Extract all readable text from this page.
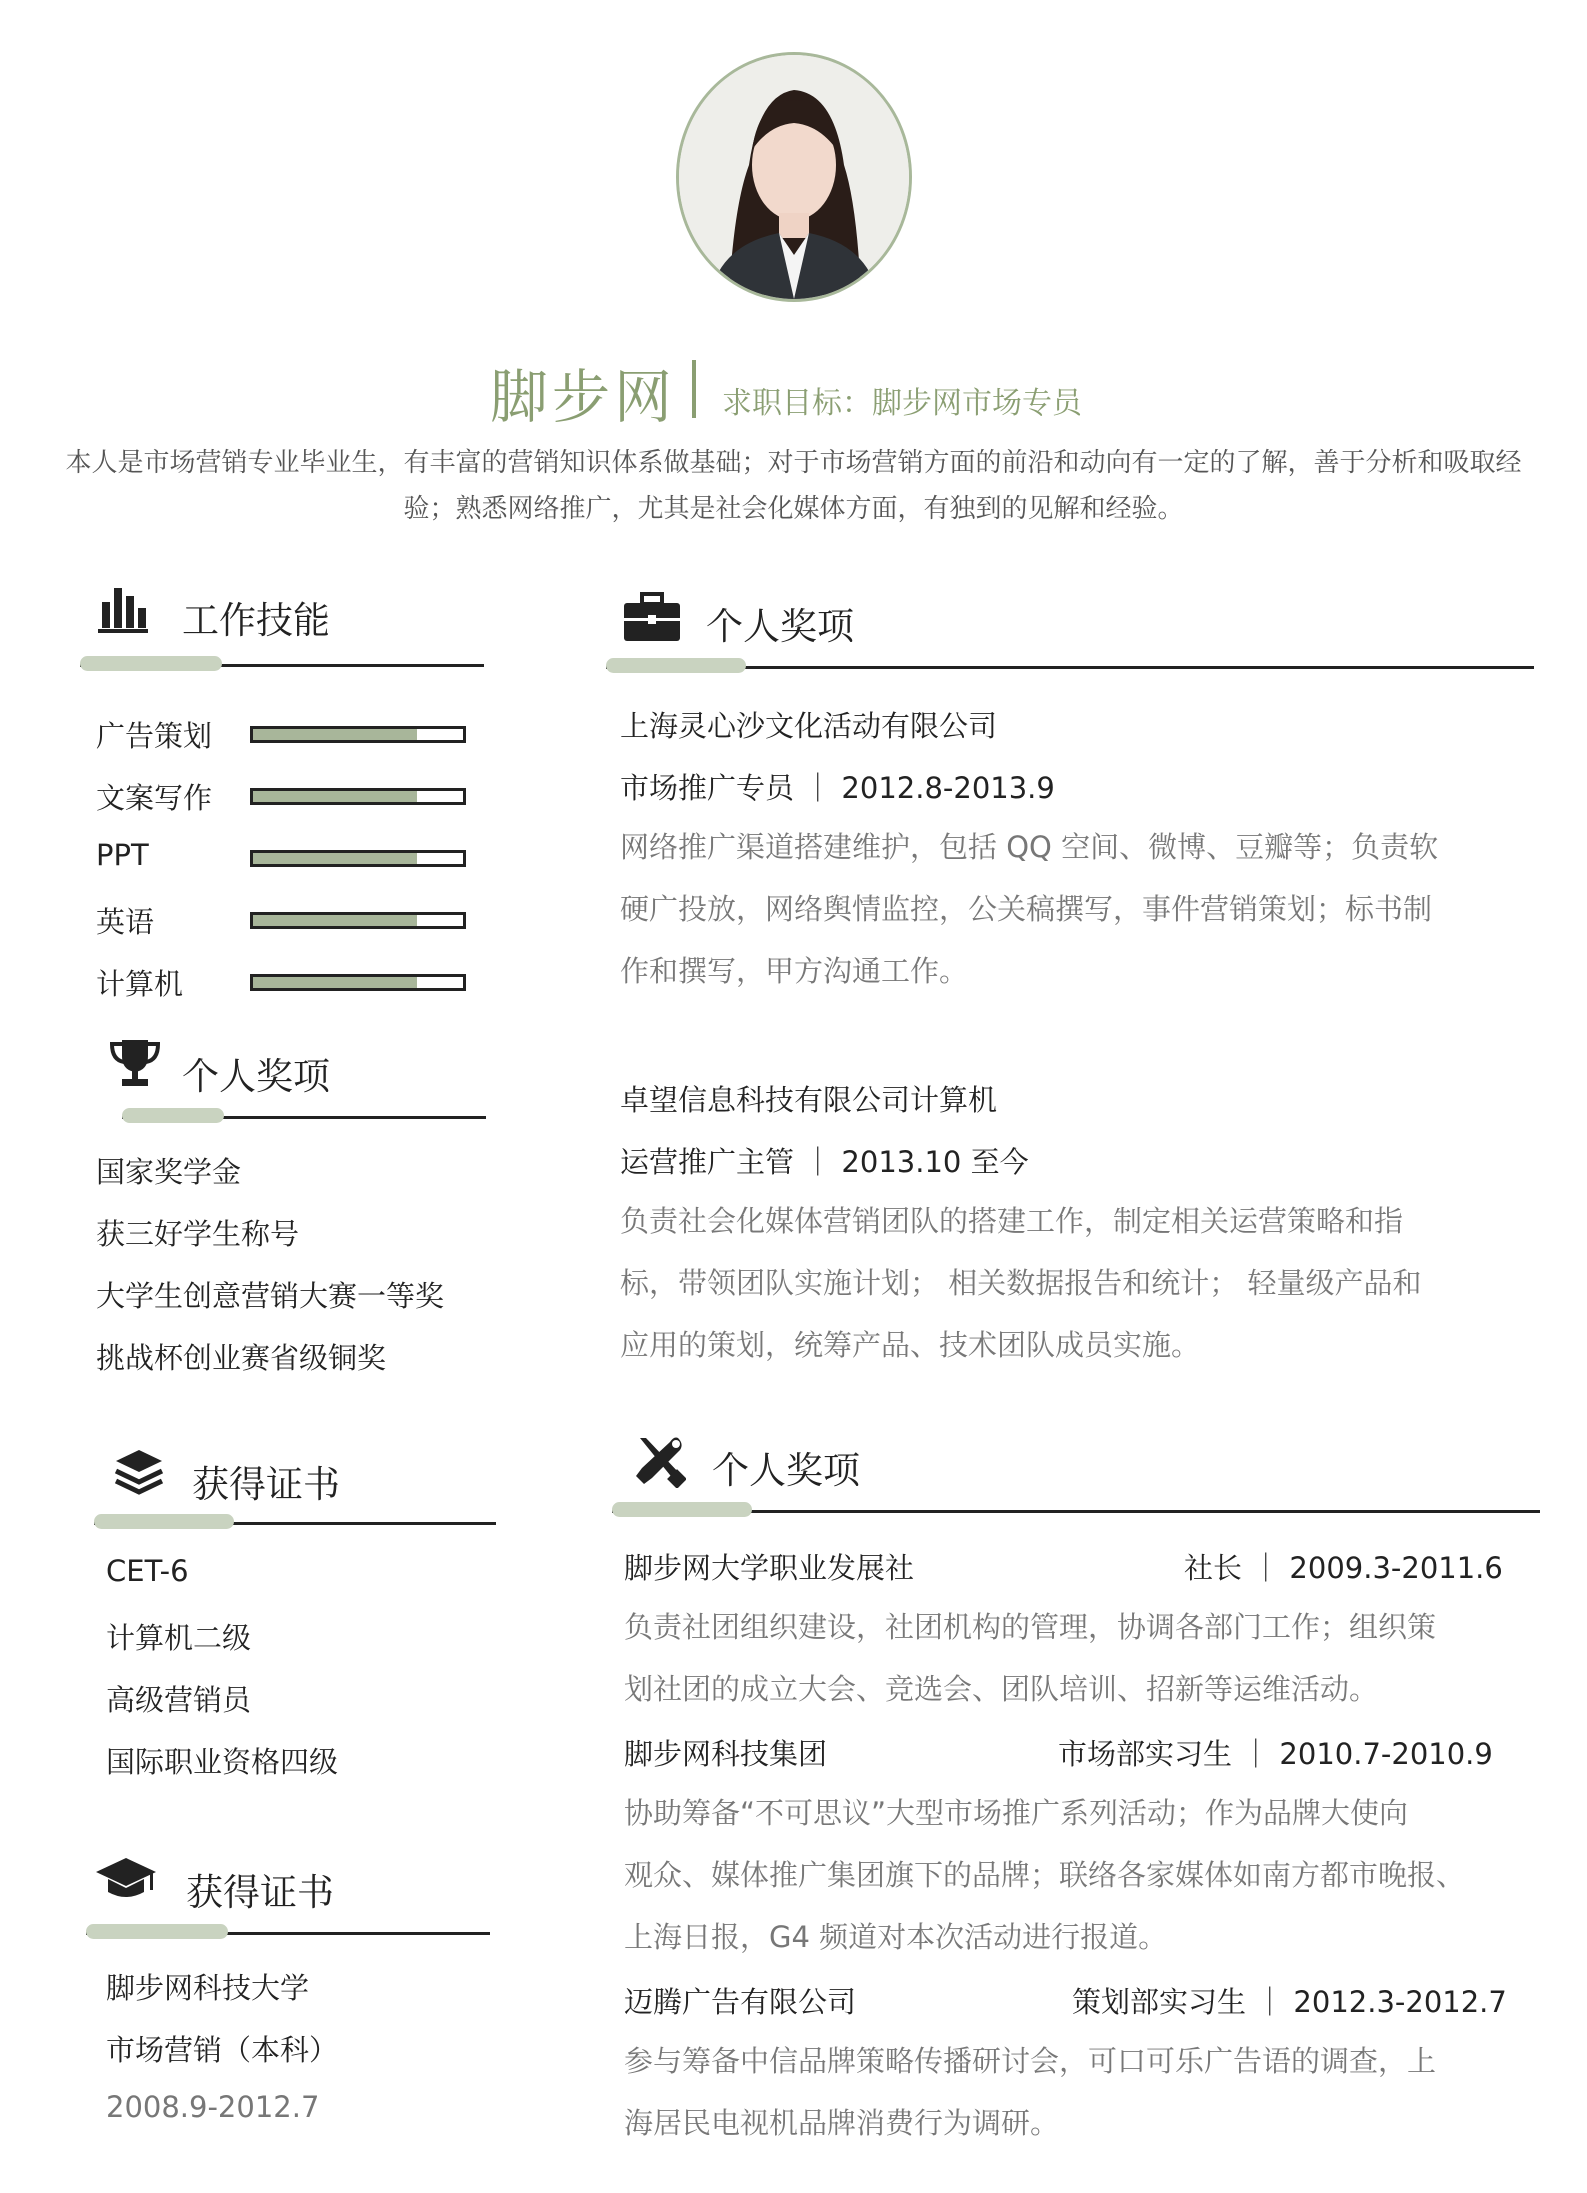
脚步网 求职目标：脚步网市场专员
本人是市场营销专业毕业生，有丰富的营销知识体系做基础；对于市场营销方面的前沿和动向有一定的了解，善于分析和吸取经验；熟悉网络推广，尤其是社会化媒体方面，有独到的见解和经验。
工作技能
广告策划
文案写作
PPT
英语
计算机
个人奖项
国家奖学金
获三好学生称号
大学生创意营销大赛一等奖
挑战杯创业赛省级铜奖
获得证书
CET-6
计算机二级
高级营销员
国际职业资格四级
获得证书
脚步网科技大学
市场营销（本科）
2008.9-2012.7
个人奖项
上海灵心沙文化活动有限公司
市场推广专员 ｜ 2012.8-2013.9
网络推广渠道搭建维护，包括 QQ 空间、微博、豆瓣等；负责软
硬广投放，网络舆情监控，公关稿撰写，事件营销策划；标书制
作和撰写，甲方沟通工作。
卓望信息科技有限公司计算机
运营推广主管 ｜ 2013.10 至今
负责社会化媒体营销团队的搭建工作，制定相关运营策略和指
标，带领团队实施计划； 相关数据报告和统计； 轻量级产品和
应用的策划，统筹产品、技术团队成员实施。
个人奖项
脚步网大学职业发展社	社长 ｜ 2009.3-2011.6
负责社团组织建设，社团机构的管理，协调各部门工作；组织策
划社团的成立大会、竞选会、团队培训、招新等运维活动。
脚步网科技集团	市场部实习生 ｜ 2010.7-2010.9
协助筹备“不可思议”大型市场推广系列活动；作为品牌大使向
观众、媒体推广集团旗下的品牌；联络各家媒体如南方都市晚报、
上海日报，G4 频道对本次活动进行报道。
迈腾广告有限公司	策划部实习生 ｜ 2012.3-2012.7
参与筹备中信品牌策略传播研讨会，可口可乐广告语的调查，上
海居民电视机品牌消费行为调研。
